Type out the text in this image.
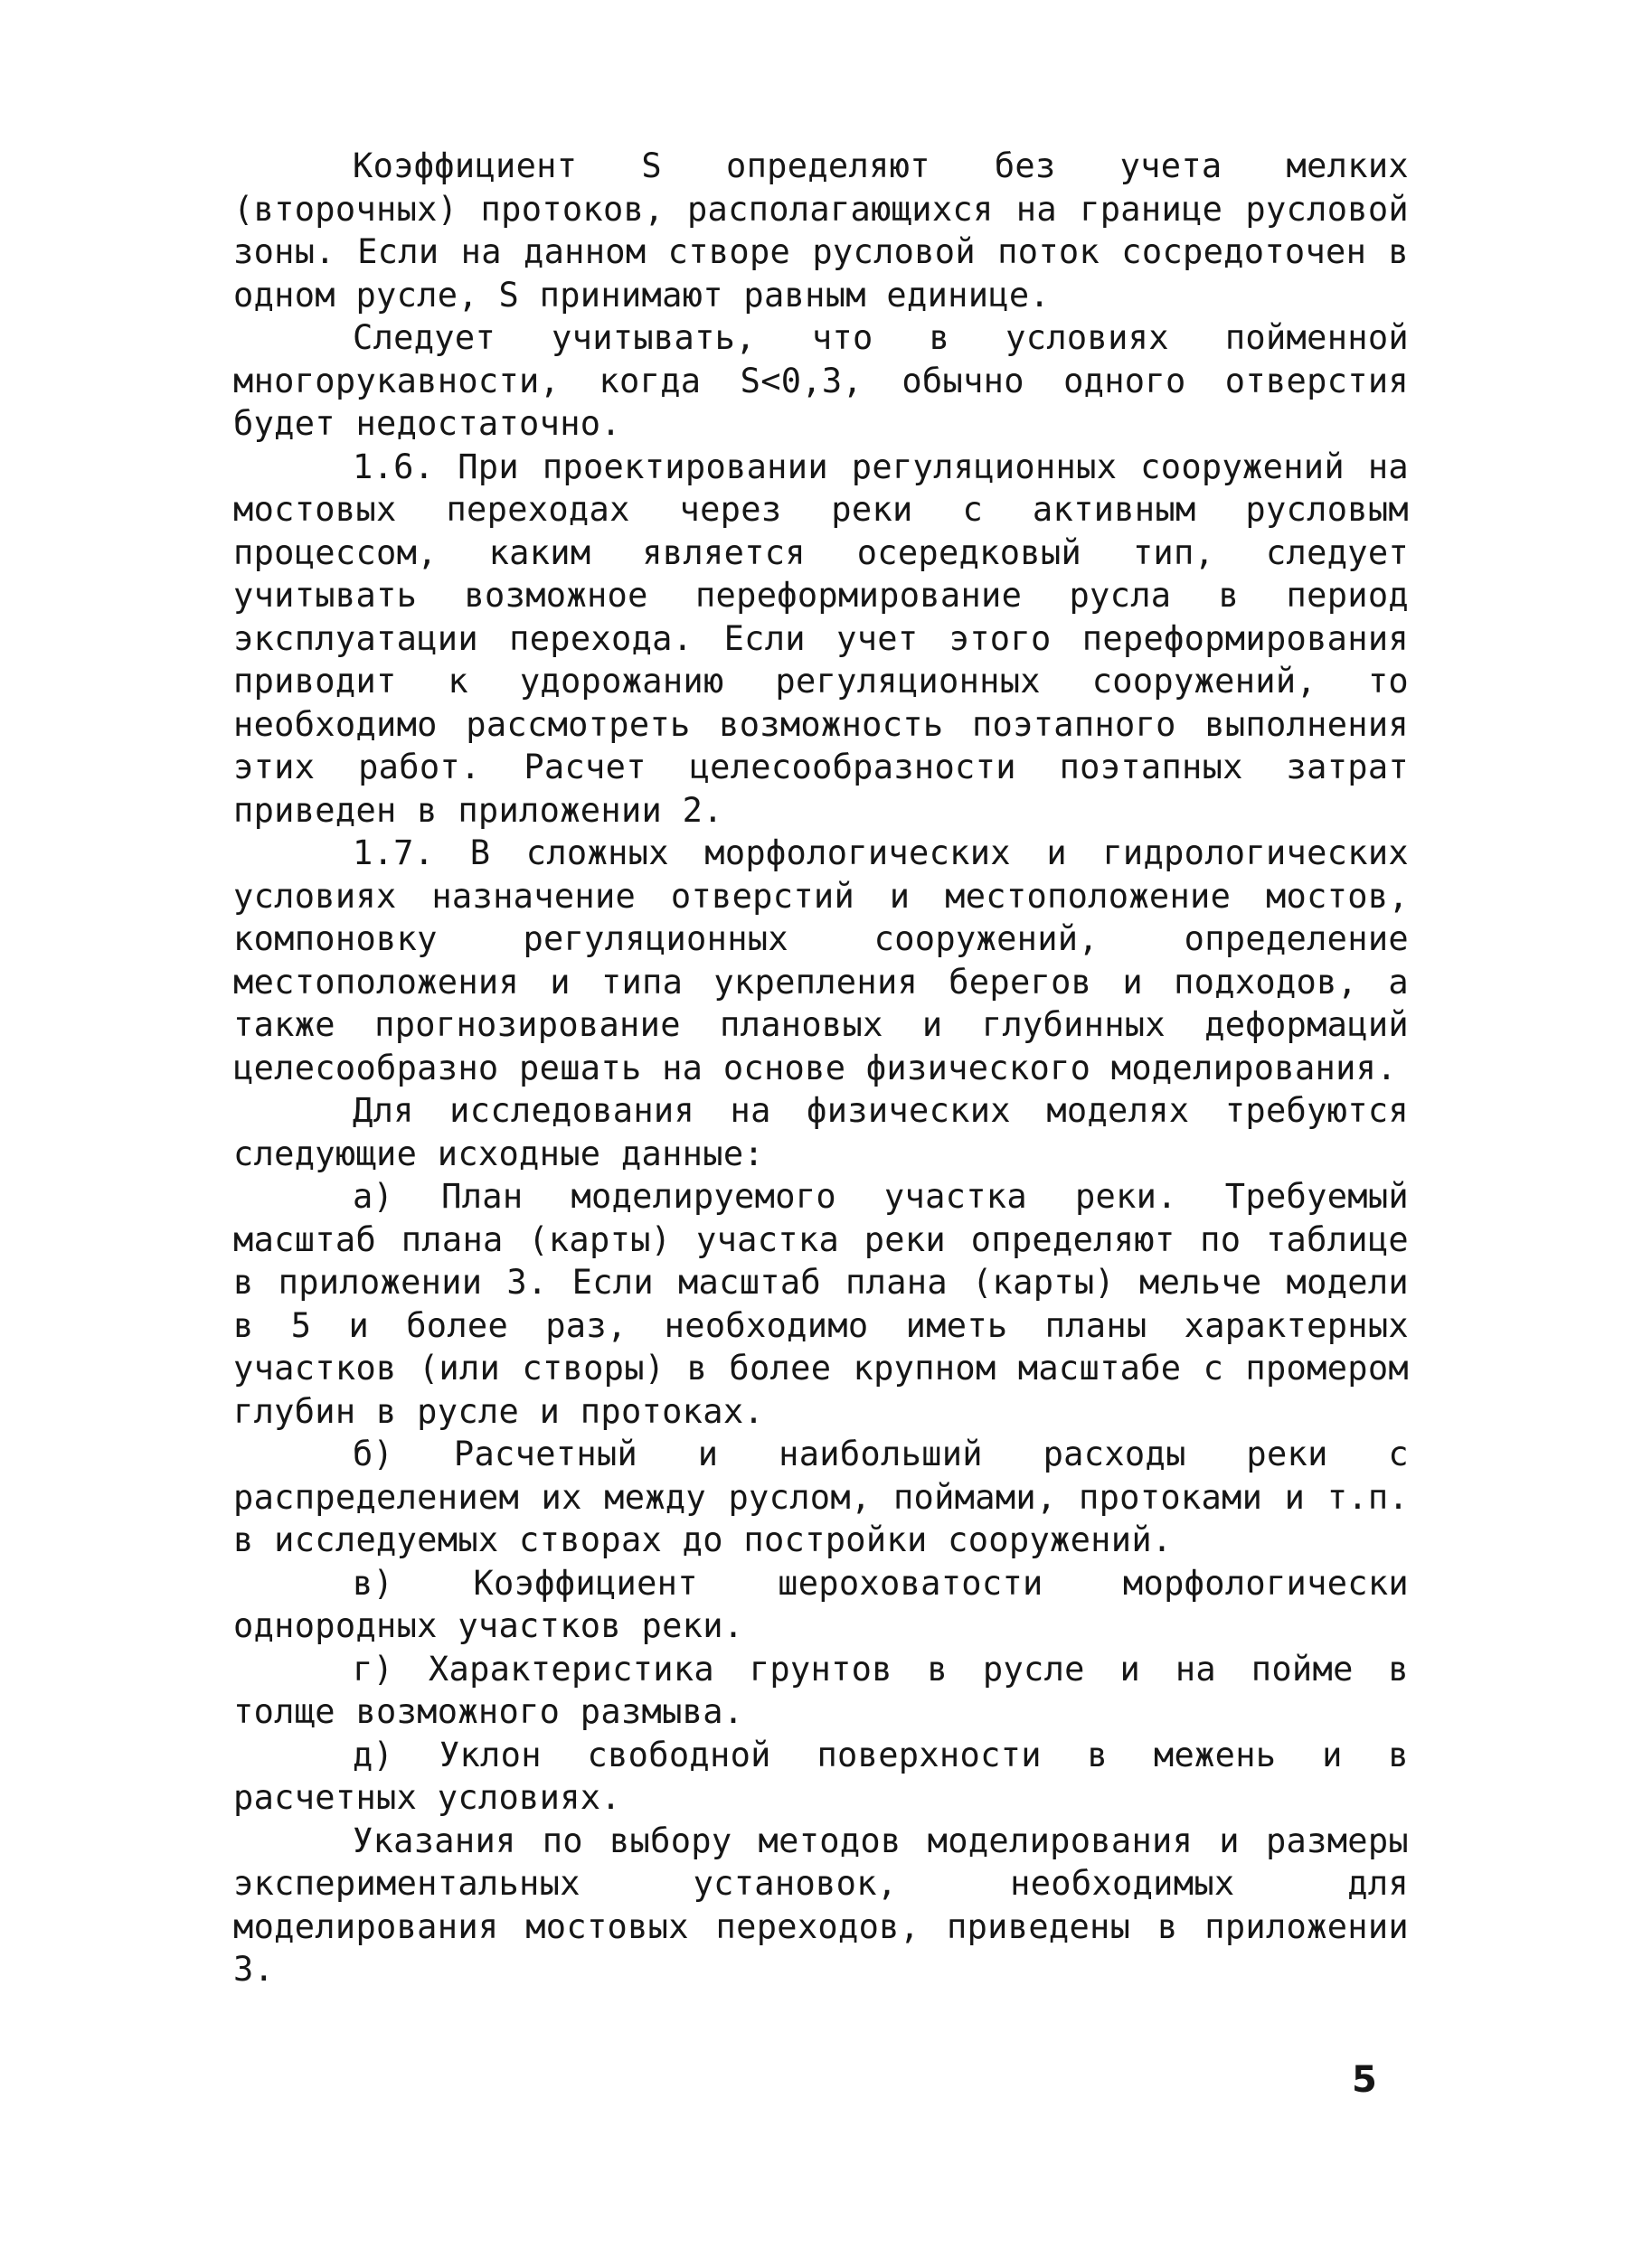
Коэффициент S определяют без учета мелких (второчных) протоков, располагающихся на границе русловой зоны. Если на данном створе русловой поток сосредоточен в одном русле, S принимают равным единице.

Следует учитывать, что в условиях пойменной многорукавности, когда S<0,3, обычно одного отверстия будет недостаточно.

1.6. При проектировании регуляционных сооружений на мостовых переходах через реки с активным русловым процессом, каким является осередковый тип, следует учитывать возможное переформирование русла в период эксплуатации перехода. Если учет этого переформирования приводит к удорожанию регуляционных сооружений, то необходимо рассмотреть возможность поэтапного выполнения этих работ. Расчет целесообразности поэтапных затрат приведен в приложении 2.

1.7. В сложных морфологических и гидрологических условиях назначение отверстий и местоположение мостов, компоновку регуляционных сооружений, определение местоположения и типа укрепления берегов и подходов, а также прогнозирование плановых и глубинных деформаций целесообразно решать на основе физического моделирования.

Для исследования на физических моделях требуются следующие исходные данные:

а) План моделируемого участка реки. Требуемый масштаб плана (карты) участка реки определяют по таблице в приложении 3. Если масштаб плана (карты) мельче модели в 5 и более раз, необходимо иметь планы характерных участков (или створы) в более крупном масштабе с промером глубин в русле и протоках.

б) Расчетный и наибольший расходы реки с распределением их между руслом, поймами, протоками и т.п. в исследуемых створах до постройки сооружений.

в) Коэффициент шероховатости морфологически однородных участков реки.

г) Характеристика грунтов в русле и на пойме в толще возможного размыва.

д) Уклон свободной поверхности в межень и в расчетных условиях.

Указания по выбору методов моделирования и размеры экспериментальных установок, необходимых для моделирования мостовых переходов, приведены в приложении 3.

5
